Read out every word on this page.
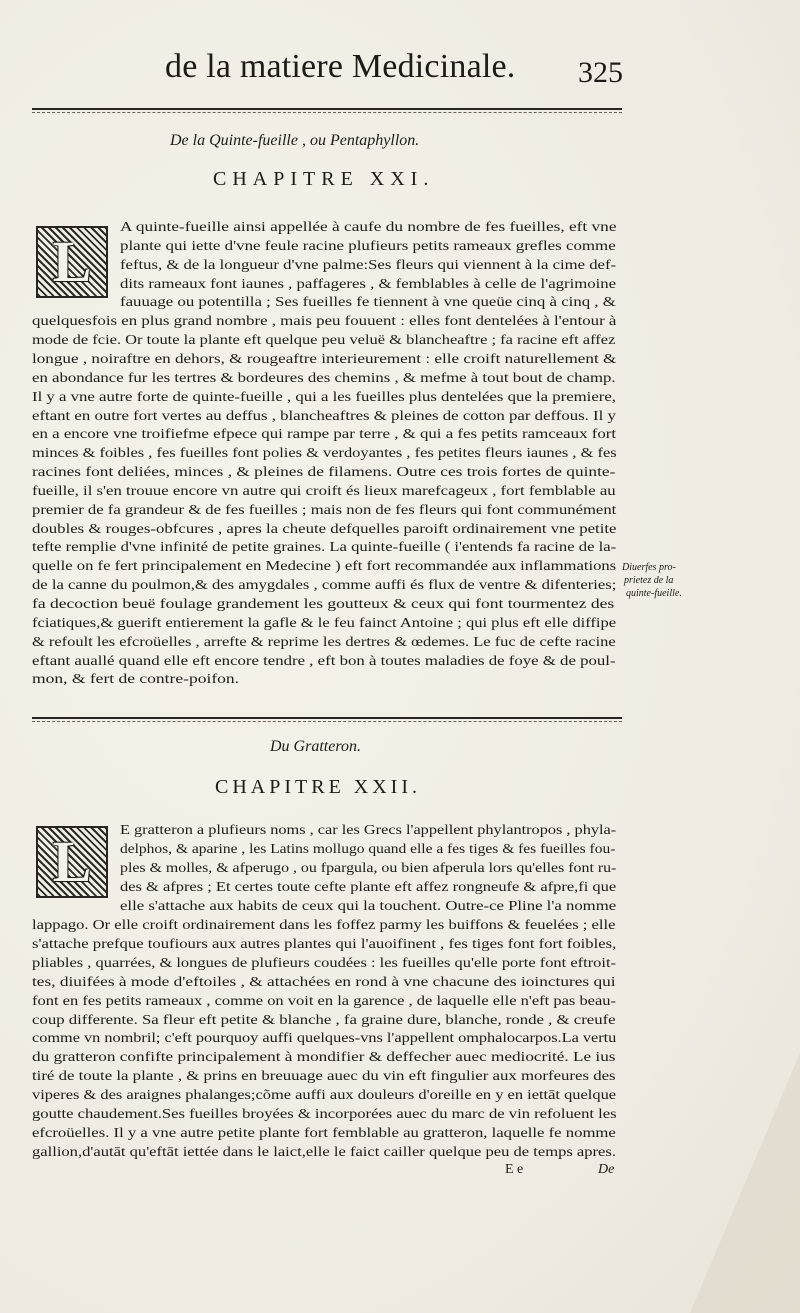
de la matiere Medicinale. 325
De la Quinte-fueille , ou Pentaphyllon.
CHAPITRE XXI.
L
A quinte-fueille ainsi appellée à caufe du nombre de fes fueilles, eft vne
plante qui iette d'vne feule racine plufieurs petits rameaux grefles comme
feftus, & de la longueur d'vne palme:Ses fleurs qui viennent à la cime def-
dits rameaux font iaunes , paffageres , & femblables à celle de l'agrimoine
fauuage ou potentilla ; Ses fueilles fe tiennent à vne queüe cinq à cinq , &
quelquesfois en plus grand nombre , mais peu fouuent : elles font dentelées à l'entour à
mode de fcie. Or toute la plante eft quelque peu veluë & blancheaftre ; fa racine eft affez
longue , noiraftre en dehors, & rougeaftre interieurement : elle croift naturellement &
en abondance fur les tertres & bordeures des chemins , & mefme à tout bout de champ.
Il y a vne autre forte de quinte-fueille , qui a les fueilles plus dentelées que la premiere,
eftant en outre fort vertes au deffus , blancheaftres & pleines de cotton par deffous. Il y
en a encore vne troifiefme efpece qui rampe par terre , & qui a fes petits ramceaux fort
minces & foibles , fes fueilles font polies & verdoyantes , fes petites fleurs iaunes , & fes
racines font deliées, minces , & pleines de filamens. Outre ces trois fortes de quinte-
fueille, il s'en trouue encore vn autre qui croift és lieux marefcageux , fort femblable au
premier de fa grandeur & de fes fueilles ; mais non de fes fleurs qui font communément
doubles & rouges-obfcures , apres la cheute defquelles paroift ordinairement vne petite
tefte remplie d'vne infinité de petite graines. La quinte-fueille ( i'entends fa racine de la-
quelle on fe fert principalement en Medecine ) eft fort recommandée aux inflammations
de la canne du poulmon,& des amygdales , comme auffi és flux de ventre & difenteries;
fa decoction beuë foulage grandement les goutteux & ceux qui font tourmentez des
fciatiques,& guerift entierement la gafle & le feu fainct Antoine ; qui plus eft elle diffipe
& refoult les efcroüelles , arrefte & reprime les dertres & œdemes. Le fuc de cefte racine
eftant auallé quand elle eft encore tendre , eft bon à toutes maladies de foye & de poul-
mon, & fert de contre-poifon.
Diuerfes pro-
prietez de la
quinte-fueille.
Du Gratteron.
CHAPITRE XXII.
L E gratteron a plufieurs noms , car les Grecs l'appellent phylantropos , phyla-
delphos, & aparine , les Latins mollugo quand elle a fes tiges & fes fueilles fou-
ples & molles, & afperugo , ou fpargula, ou bien afperula lors qu'elles font ru-
des & afpres ; Et certes toute cefte plante eft affez rongneufe & afpre,fi que
elle s'attache aux habits de ceux qui la touchent. Outre-ce Pline l'a nomme
lappago. Or elle croift ordinairement dans les foffez parmy les buiffons & feuelées ; elle
s'attache prefque toufiours aux autres plantes qui l'auoifinent , fes tiges font fort foibles,
pliables , quarrées, & longues de plufieurs coudées : les fueilles qu'elle porte font eftroit-
tes, diuifées à mode d'eftoiles , & attachées en rond à vne chacune des ioinctures qui
font en fes petits rameaux , comme on voit en la garence , de laquelle elle n'eft pas beau-
coup differente. Sa fleur eft petite & blanche , fa graine dure, blanche, ronde , & creufe
comme vn nombril; c'eft pourquoy auffi quelques-vns l'appellent omphalocarpos.La vertu
du gratteron confifte principalement à mondifier & deffecher auec mediocrité. Le ius
tiré de toute la plante , & prins en breuuage auec du vin eft fingulier aux morfeures des
viperes & des araignes phalanges;cõme auffi aux douleurs d'oreille en y en iettāt quelque
goutte chaudement.Ses fueilles broyées & incorporées auec du marc de vin refoluent les
efcroüelles. Il y a vne autre petite plante fort femblable au gratteron, laquelle fe nomme
gallion,d'autāt qu'eftāt iettée dans le laict,elle le faict cailler quelque peu de temps apres.
E e	De
